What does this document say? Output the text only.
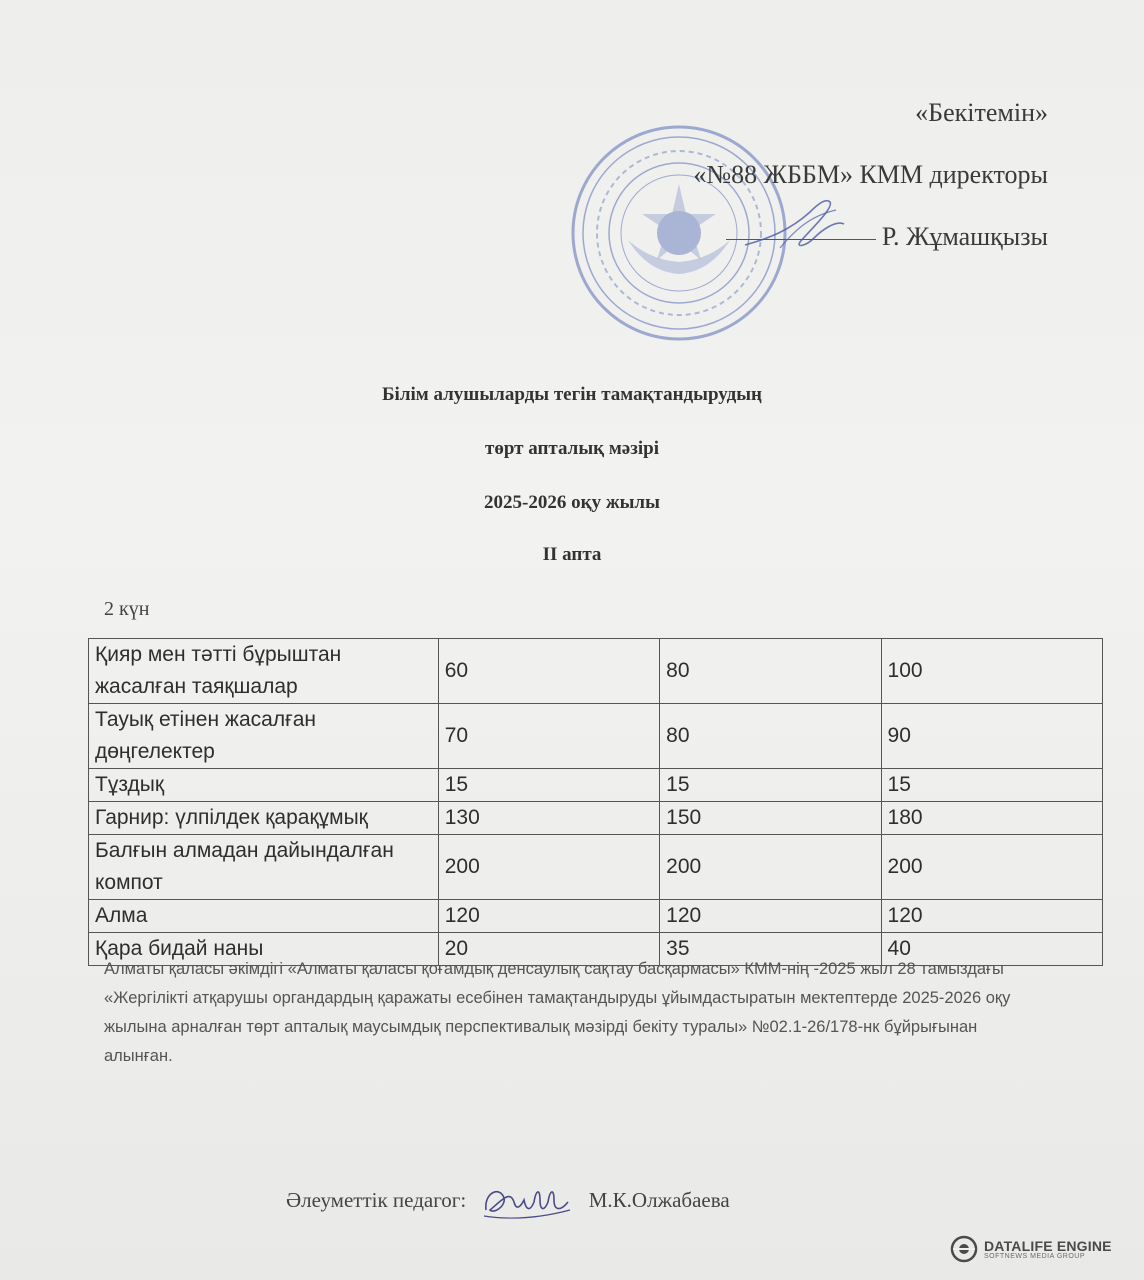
«Бекітемін»
«№88 ЖББМ» КММ директоры
Р. Жұмашқызы
Білім алушыларды тегін тамақтандырудың
төрт апталық мәзірі
2025-2026 оқу жылы
II апта
2 күн
Қияр мен тәтті бұрыштан жасалған таяқшалар	60	80	100
Тауық етінен жасалған дөңгелектер	70	80	90
Тұздық	15	15	15
Гарнир: үлпілдек қарақұмық	130	150	180
Балғын алмадан дайындалған компот	200	200	200
Алма	120	120	120
Қара бидай наны	20	35	40
Алматы қаласы әкімдігі «Алматы қаласы қоғамдық денсаулық сақтау басқармасы» КММ-нің -2025 жыл 28 тамыздағы «Жергілікті атқарушы органдардың қаражаты есебінен тамақтандыруды ұйымдастыратын мектептерде 2025-2026 оқу жылына арналған төрт апталық маусымдық перспективалық мәзірді бекіту туралы» №02.1-26/178-нк бұйрығынан алынған.
Әлеуметтік педагог:	М.К.Олжабаева
DATALIFE ENGINE
SOFTNEWS MEDIA GROUP
